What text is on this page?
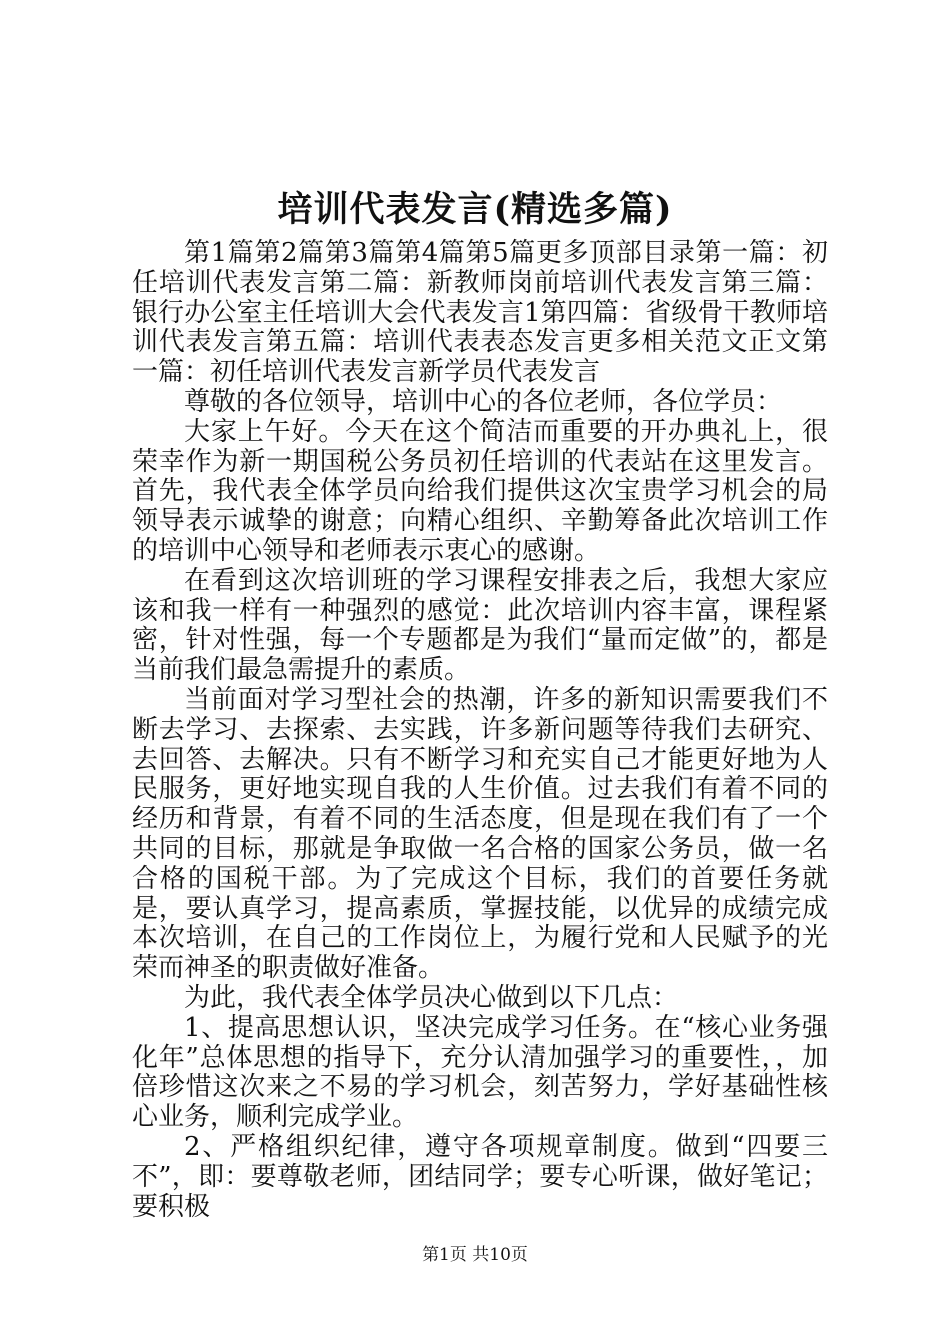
培训代表发言(精选多篇)

第1篇第2篇第3篇第4篇第5篇更多顶部目录第一篇：初任培训代表发言第二篇：新教师岗前培训代表发言第三篇：银行办公室主任培训大会代表发言1第四篇：省级骨干教师培训代表发言第五篇：培训代表表态发言更多相关范文正文第一篇：初任培训代表发言新学员代表发言

尊敬的各位领导，培训中心的各位老师，各位学员：

大家上午好。今天在这个简洁而重要的开办典礼上，很荣幸作为新一期国税公务员初任培训的代表站在这里发言。首先，我代表全体学员向给我们提供这次宝贵学习机会的局领导表示诚挚的谢意；向精心组织、辛勤筹备此次培训工作的培训中心领导和老师表示衷心的感谢。

在看到这次培训班的学习课程安排表之后，我想大家应该和我一样有一种强烈的感觉：此次培训内容丰富，课程紧密，针对性强，每一个专题都是为我们“量而定做”的，都是当前我们最急需提升的素质。

当前面对学习型社会的热潮，许多的新知识需要我们不断去学习、去探索、去实践，许多新问题等待我们去研究、去回答、去解决。只有不断学习和充实自己才能更好地为人民服务，更好地实现自我的人生价值。过去我们有着不同的经历和背景，有着不同的生活态度，但是现在我们有了一个共同的目标，那就是争取做一名合格的国家公务员，做一名合格的国税干部。为了完成这个目标，我们的首要任务就是，要认真学习，提高素质，掌握技能，以优异的成绩完成本次培训，在自己的工作岗位上，为履行党和人民赋予的光荣而神圣的职责做好准备。

为此，我代表全体学员决心做到以下几点：

1、提高思想认识，坚决完成学习任务。在“核心业务强化年”总体思想的指导下，充分认清加强学习的重要性，，加倍珍惜这次来之不易的学习机会，刻苦努力，学好基础性核心业务，顺利完成学业。

2、严格组织纪律，遵守各项规章制度。做到“四要三不”，即：要尊敬老师，团结同学；要专心听课，做好笔记；要积极

第1页 共10页
